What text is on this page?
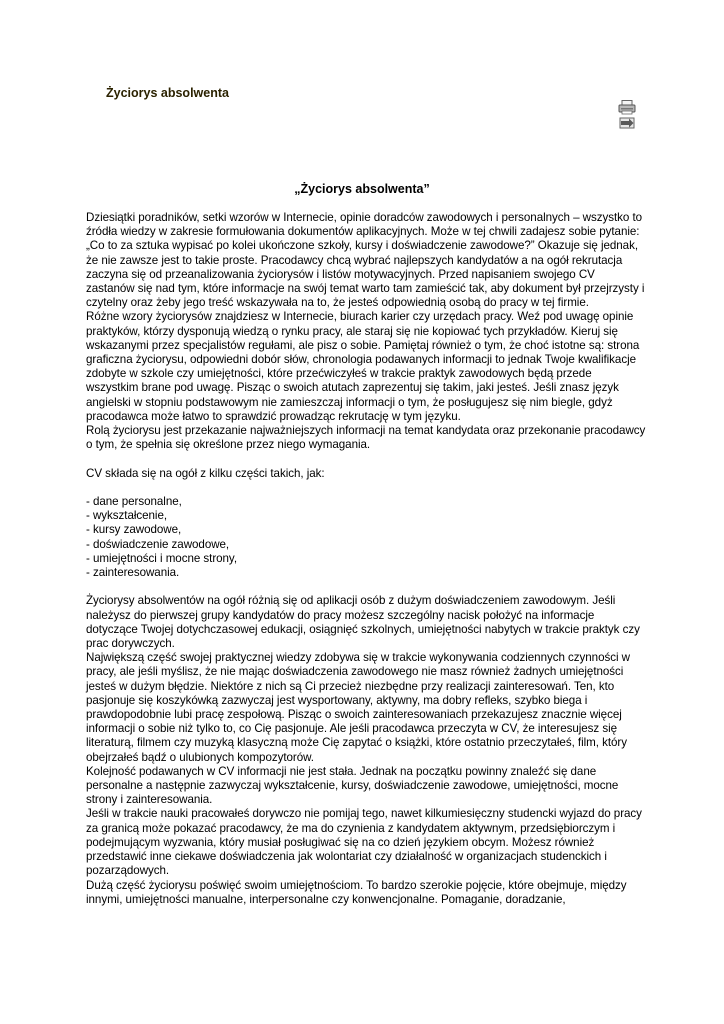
Życiorys absolwenta
„Życiorys absolwenta”

Dziesiątki poradników, setki wzorów w Internecie, opinie doradców zawodowych i personalnych – wszystko to źródła wiedzy w zakresie formułowania dokumentów aplikacyjnych. Może w tej chwili zadajesz sobie pytanie: „Co to za sztuka wypisać po kolei ukończone szkoły, kursy i doświadczenie zawodowe?” Okazuje się jednak, że nie zawsze jest to takie proste. Pracodawcy chcą wybrać najlepszych kandydatów a na ogół rekrutacja zaczyna się od przeanalizowania życiorysów i listów motywacyjnych. Przed napisaniem swojego CV zastanów się nad tym, które informacje na swój temat warto tam zamieścić tak, aby dokument był przejrzysty i czytelny oraz żeby jego treść wskazywała na to, że jesteś odpowiednią osobą do pracy w tej firmie.

Różne wzory życiorysów znajdziesz w Internecie, biurach karier czy urzędach pracy. Weź pod uwagę opinie praktyków, którzy dysponują wiedzą o rynku pracy, ale staraj się nie kopiować tych przykładów. Kieruj się wskazanymi przez specjalistów regułami, ale pisz o sobie. Pamiętaj również o tym, że choć istotne są: strona graficzna życiorysu, odpowiedni dobór słów, chronologia podawanych informacji to jednak Twoje kwalifikacje zdobyte w szkole czy umiejętności, które przećwiczyłeś w trakcie praktyk zawodowych będą przede wszystkim brane pod uwagę. Pisząc o swoich atutach zaprezentuj się takim, jaki jesteś. Jeśli znasz język angielski w stopniu podstawowym nie zamieszczaj informacji o tym, że posługujesz się nim biegle, gdyż pracodawca może łatwo to sprawdzić prowadząc rekrutację w tym języku.

Rolą życiorysu jest przekazanie najważniejszych informacji na temat kandydata oraz przekonanie pracodawcy o tym, że spełnia się określone przez niego wymagania.

CV składa się na ogół z kilku części takich, jak:

- dane personalne,
- wykształcenie,
- kursy zawodowe,
- doświadczenie zawodowe,
- umiejętności i mocne strony,
- zainteresowania.

Życiorysy absolwentów na ogół różnią się od aplikacji osób z dużym doświadczeniem zawodowym. Jeśli należysz do pierwszej grupy kandydatów do pracy możesz szczególny nacisk położyć na informacje dotyczące Twojej dotychczasowej edukacji, osiągnięć szkolnych, umiejętności nabytych w trakcie praktyk czy prac dorywczych.

Największą część swojej praktycznej wiedzy zdobywa się w trakcie wykonywania codziennych czynności w pracy, ale jeśli myślisz, że nie mając doświadczenia zawodowego nie masz również żadnych umiejętności jesteś w dużym błędzie. Niektóre z nich są Ci przecież niezbędne przy realizacji zainteresowań. Ten, kto pasjonuje się koszykówką zazwyczaj jest wysportowany, aktywny, ma dobry refleks, szybko biega i prawdopodobnie lubi pracę zespołową. Pisząc o swoich zainteresowaniach przekazujesz znacznie więcej informacji o sobie niż tylko to, co Cię pasjonuje. Ale jeśli pracodawca przeczyta w CV, że interesujesz się literaturą, filmem czy muzyką klasyczną może Cię zapytać o książki, które ostatnio przeczytałeś, film, który obejrzałeś bądź o ulubionych kompozytorów.

Kolejność podawanych w CV informacji nie jest stała. Jednak na początku powinny znaleźć się dane personalne a następnie zazwyczaj wykształcenie, kursy, doświadczenie zawodowe, umiejętności, mocne strony i zainteresowania.

Jeśli w trakcie nauki pracowałeś dorywczo nie pomijaj tego, nawet kilkumiesięczny studencki wyjazd do pracy za granicą może pokazać pracodawcy, że ma do czynienia z kandydatem aktywnym, przedsiębiorczym i podejmującym wyzwania, który musiał posługiwać się na co dzień językiem obcym. Możesz również przedstawić inne ciekawe doświadczenia jak wolontariat czy działalność w organizacjach studenckich i pozarządowych.

Dużą część życiorysu poświęć swoim umiejętnościom. To bardzo szerokie pojęcie, które obejmuje, między innymi, umiejętności manualne, interpersonalne czy konwencjonalne. Pomaganie, doradzanie,
